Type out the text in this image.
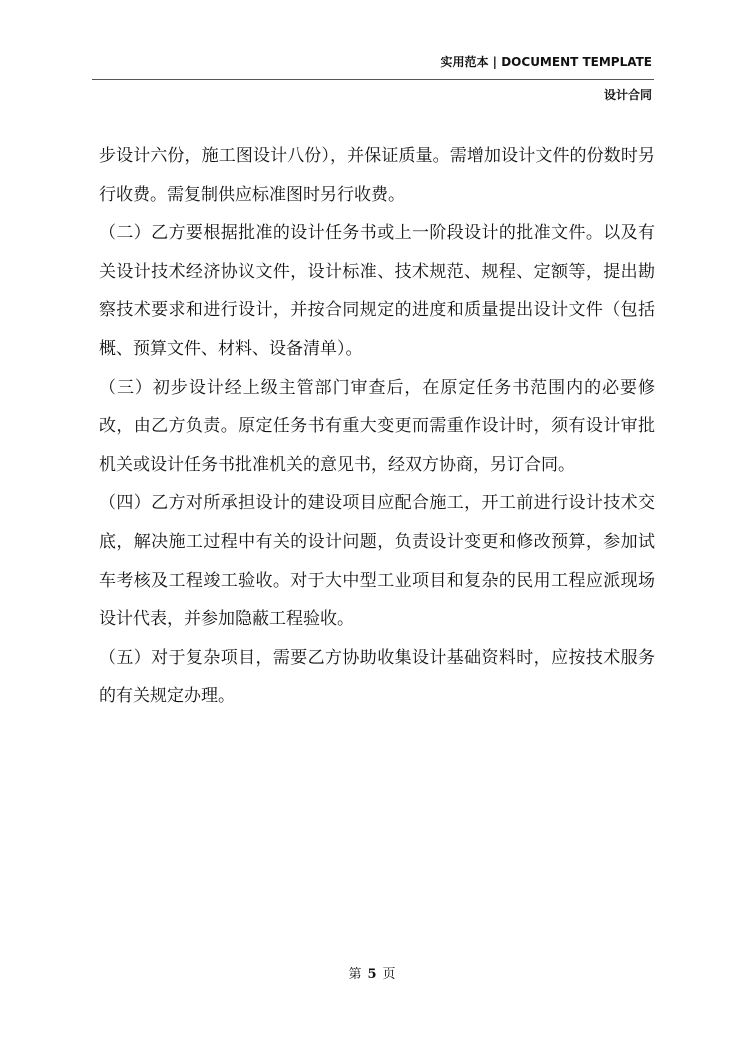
实用范本 | DOCUMENT TEMPLATE
设计合同

步设计六份，施工图设计八份），并保证质量。需增加设计文件的份数时另行收费。需复制供应标准图时另行收费。

（二）乙方要根据批准的设计任务书或上一阶段设计的批准文件。以及有关设计技术经济协议文件，设计标准、技术规范、规程、定额等，提出勘察技术要求和进行设计，并按合同规定的进度和质量提出设计文件（包括概、预算文件、材料、设备清单）。

（三）初步设计经上级主管部门审查后，在原定任务书范围内的必要修改，由乙方负责。原定任务书有重大变更而需重作设计时，须有设计审批机关或设计任务书批准机关的意见书，经双方协商，另订合同。

（四）乙方对所承担设计的建设项目应配合施工，开工前进行设计技术交底，解决施工过程中有关的设计问题，负责设计变更和修改预算，参加试车考核及工程竣工验收。对于大中型工业项目和复杂的民用工程应派现场设计代表，并参加隐蔽工程验收。

（五）对于复杂项目，需要乙方协助收集设计基础资料时，应按技术服务的有关规定办理。

第 5 页
